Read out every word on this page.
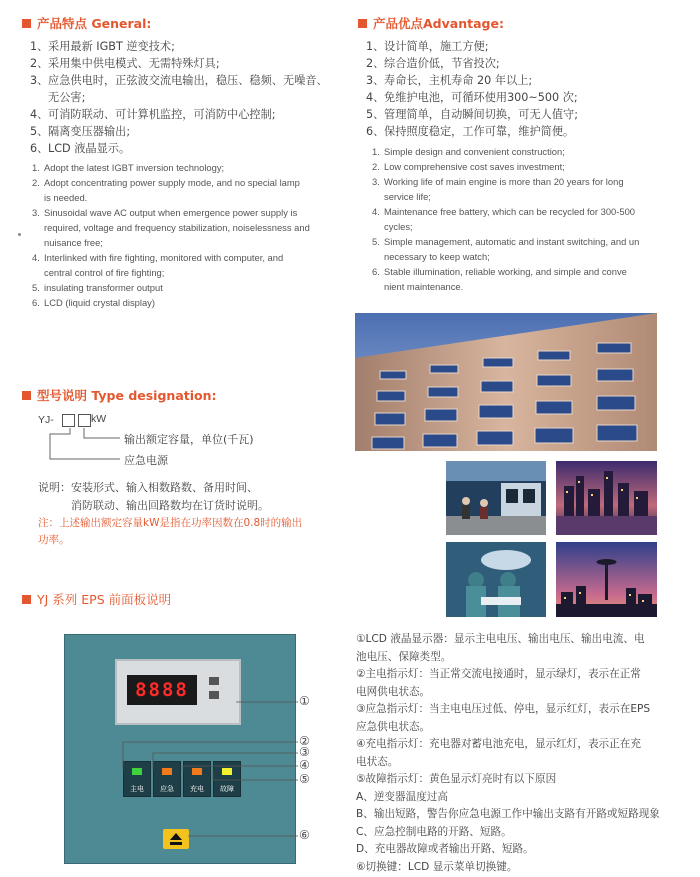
产品特点 General:
1、 采用最新 IGBT 逆变技术;
2、 采用集中供电模式、无需特殊灯具;
3、 应急供电时，正弦波交流电输出，稳压、稳频、无噪音、
无公害;
4、 可消防联动、可计算机监控，可消防中心控制;
5、 隔离变压器输出;
6、 LCD 液晶显示。
1. Adopt the latest IGBT inversion technology;
2. Adopt concentrating power supply mode, and no special lamp
is needed.
3. Sinusoidal wave AC output when emergence power supply is
required, voltage and frequency stabilization, noiselessness and
nuisance free;
4. Interlinked with fire fighting, monitored with computer, and
central control of fire fighting;
5. insulating transformer output
6. LCD (liquid crystal display)
产品优点Advantage:
1、 设计简单，施工方便;
2、 综合造价低，节省投次;
3、 寿命长，主机寿命 20 年以上;
4、 免维护电池，可循环使用300~500 次;
5、 管理简单，自动瞬间切换，可无人值守;
6、 保持照度稳定，工作可靠，维护简便。
1. Simple design and convenient construction;
2. Low comprehensive cost saves investment;
3. Working life of main engine is more than 20 years for long
service life;
4. Maintenance free battery, which can be recycled for 300-500
cycles;
5. Simple management, automatic and instant switching, and un
necessary to keep watch;
6. Stable illumination, reliable working, and simple and conve
nient maintenance.
型号说明 Type designation:
YJ-	kW
输出额定容量，单位(千瓦)
应急电源
说明：安装形式、输入相数路数、备用时间、
消防联动、输出回路数均在订货时说明。
注：上述输出额定容量kW是指在功率因数在0.8时的输出
功率。
YJ 系列 EPS 前面板说明
8888
主电	应急	充电	故障
①
②
③
④
⑤
⑥
①LCD 液晶显示器：显示主电电压、输出电压、输出电流、电
池电压、保障类型。
②主电指示灯：当正常交流电接通时，显示绿灯，表示在正常
电网供电状态。
③应急指示灯：当主电电压过低、停电，显示红灯，表示在EPS
应急供电状态。
④充电指示灯：充电器对蓄电池充电，显示红灯，表示正在充
电状态。
⑤故障指示灯：黄色显示灯亮时有以下原因
A、逆变器温度过高
B、输出短路，警告你应急电源工作中输出支路有开路或短路现象
C、应急控制电路的开路、短路。
D、充电器故障或者输出开路、短路。
⑥切换键：LCD 显示菜单切换键。
